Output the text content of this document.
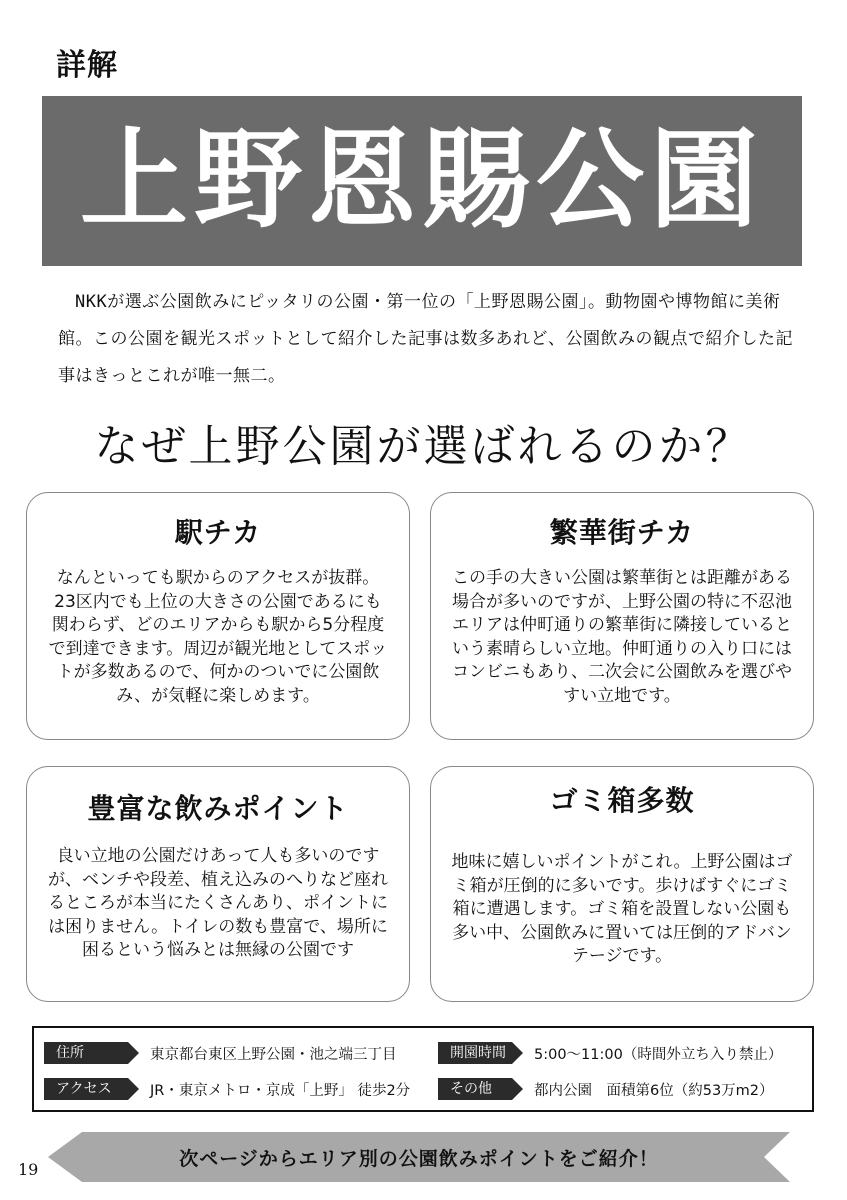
詳解
上野恩賜公園
NKKが選ぶ公園飲みにピッタリの公園・第一位の「上野恩賜公園」。動物園や博物館に美術館。この公園を観光スポットとして紹介した記事は数多あれど、公園飲みの観点で紹介した記事はきっとこれが唯一無二。
なぜ上野公園が選ばれるのか？
駅チカ
なんといっても駅からのアクセスが抜群。23区内でも上位の大きさの公園であるにも関わらず、どのエリアからも駅から5分程度で到達できます。周辺が観光地としてスポットが多数あるので、何かのついでに公園飲み、が気軽に楽しめます。
繁華街チカ
この手の大きい公園は繁華街とは距離がある場合が多いのですが、上野公園の特に不忍池エリアは仲町通りの繁華街に隣接しているという素晴らしい立地。仲町通りの入り口にはコンビニもあり、二次会に公園飲みを選びやすい立地です。
豊富な飲みポイント
良い立地の公園だけあって人も多いのですが、ベンチや段差、植え込みのへりなど座れるところが本当にたくさんあり、ポイントには困りません。トイレの数も豊富で、場所に困るという悩みとは無縁の公園です
ゴミ箱多数
地味に嬉しいポイントがこれ。上野公園はゴミ箱が圧倒的に多いです。歩けばすぐにゴミ箱に遭遇します。ゴミ箱を設置しない公園も多い中、公園飲みに置いては圧倒的アドバンテージです。
住所	東京都台東区上野公園・池之端三丁目
アクセス	JR・東京メトロ・京成「上野」 徒歩2分
開園時間	5:00〜11:00（時間外立ち入り禁止）
その他	都内公園　面積第6位（約53万m2）
次ページからエリア別の公園飲みポイントをご紹介！
19
